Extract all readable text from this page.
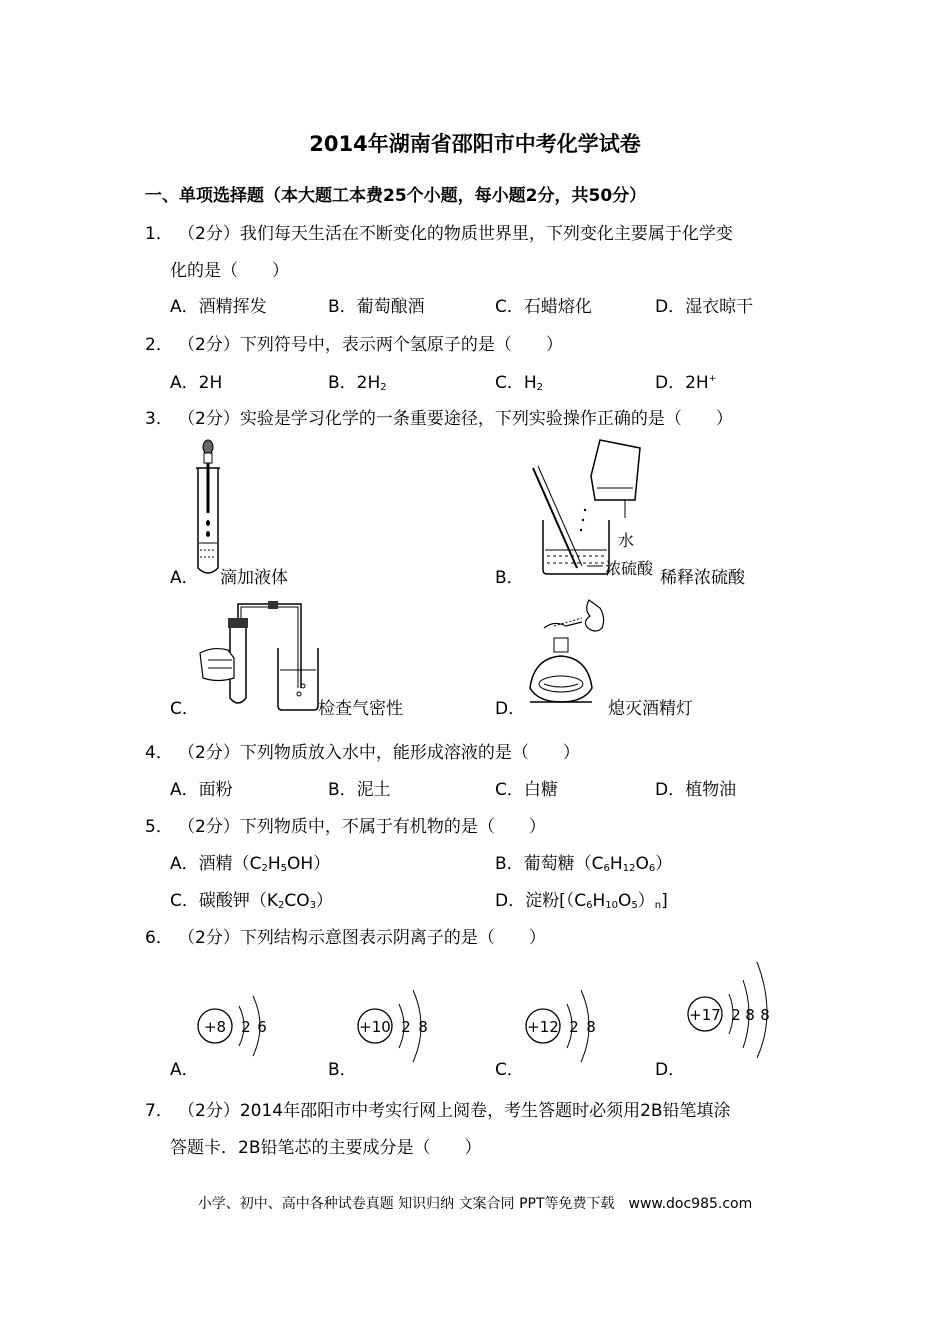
2014年湖南省邵阳市中考化学试卷
一、单项选择题（本大题工本费25个小题，每小题2分，共50分）
1． （2分）我们每天生活在不断变化的物质世界里，下列变化主要属于化学变
化的是（　　）
A．酒精挥发	B．葡萄酿酒	C．石蜡熔化	D．湿衣晾干
2． （2分）下列符号中，表示两个氢原子的是（　　）
A．2H	B．$2H_2$	C．$H_2$	D．2H+
3． （2分）实验是学习化学的一条重要途径，下列实验操作正确的是（　　）
A． 滴加液体	B．
水
浓硫酸 稀释浓硫酸
C．	检查气密性	D．	熄灭酒精灯
4． （2分）下列物质放入水中，能形成溶液的是（　　）
A．面粉	B．泥土	C．白糖	D．植物油
5． （2分）下列物质中，不属于有机物的是（　　）
A．酒精$(C_2H_5OH)$	B．葡萄糖$(C_6H_{12}O_6)$
C．碳酸钾$(K_2CO_3)$	D．淀粉$[(C_6H_{10}O_5)_n]$
6． （2分）下列结构示意图表示阴离子的是（　　）
A．	B．	C．	D．
+8 2 6	+10 2 8	+12 2 8
+17 2 8 8
7． （2分）2014年邵阳市中考实行网上阅卷，考生答题时必须用2B铅笔填涂
答题卡．2B铅笔芯的主要成分是（　　）
小学、初中、高中各种试卷真题 知识归纳 文案合同 PPT等免费下载　www.doc985.com
